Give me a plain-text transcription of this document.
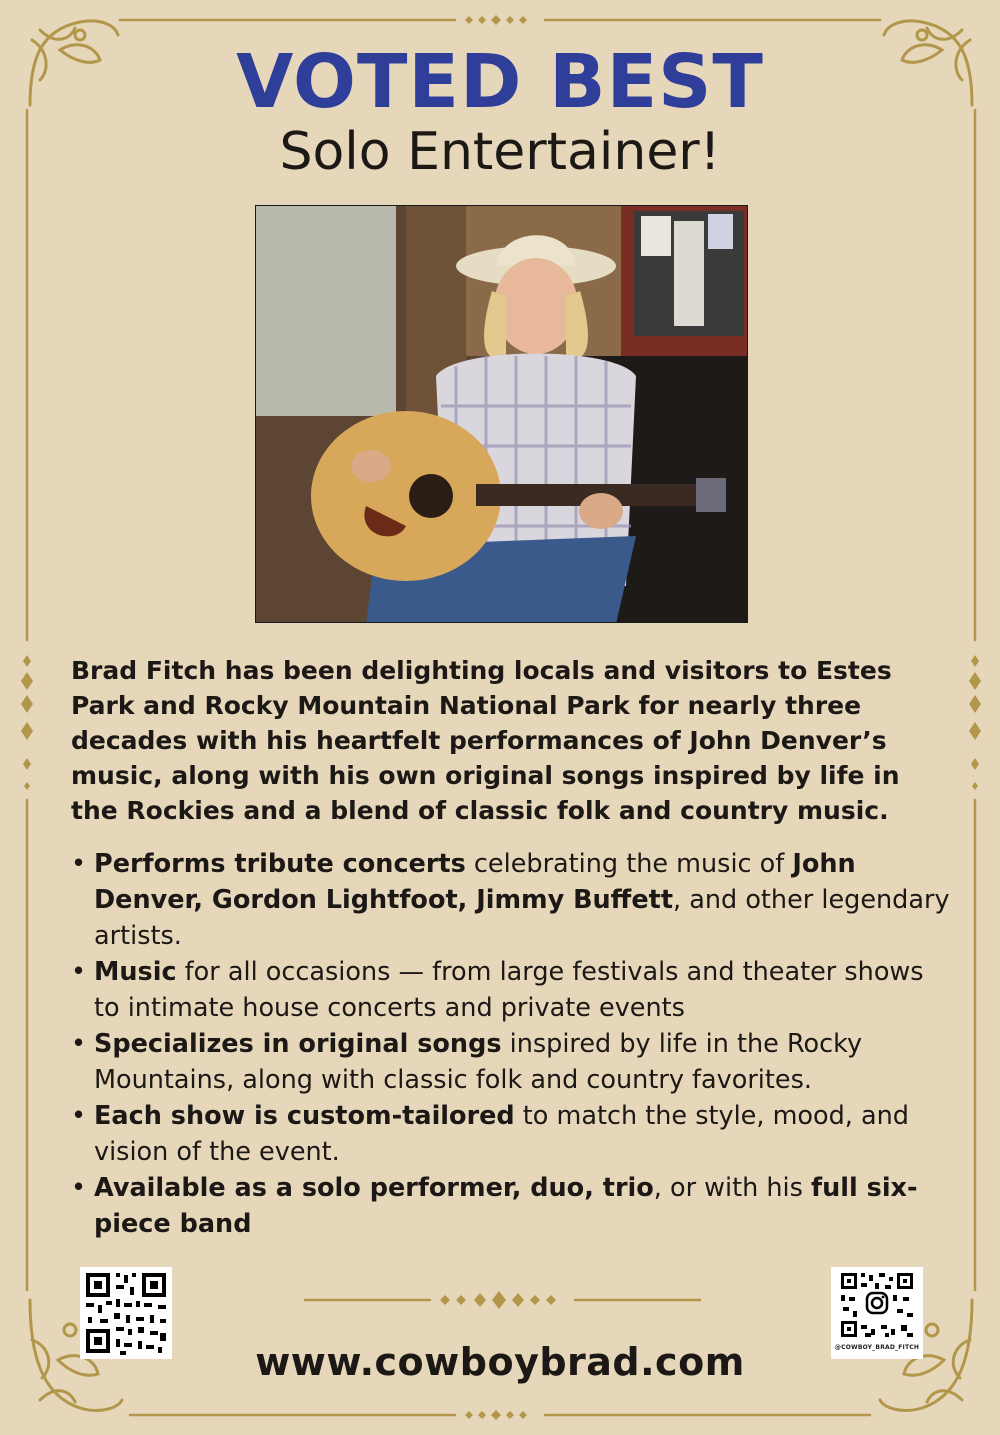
VOTED BEST
Solo Entertainer!

Brad Fitch has been delighting locals and visitors to Estes Park and Rocky Mountain National Park for nearly three decades with his heartfelt performances of John Denver’s music, along with his own original songs inspired by life in the Rockies and a blend of classic folk and country music.

• Performs tribute concerts celebrating the music of John Denver, Gordon Lightfoot, Jimmy Buffett, and other legendary artists.
• Music for all occasions — from large festivals and theater shows to intimate house concerts and private events
• Specializes in original songs inspired by life in the Rocky Mountains, along with classic folk and country favorites.
• Each show is custom-tailored to match the style, mood, and vision of the event.
• Available as a solo performer, duo, trio, or with his full six-piece band
@COWBOY_BRAD_FITCH
www.cowboybrad.com
